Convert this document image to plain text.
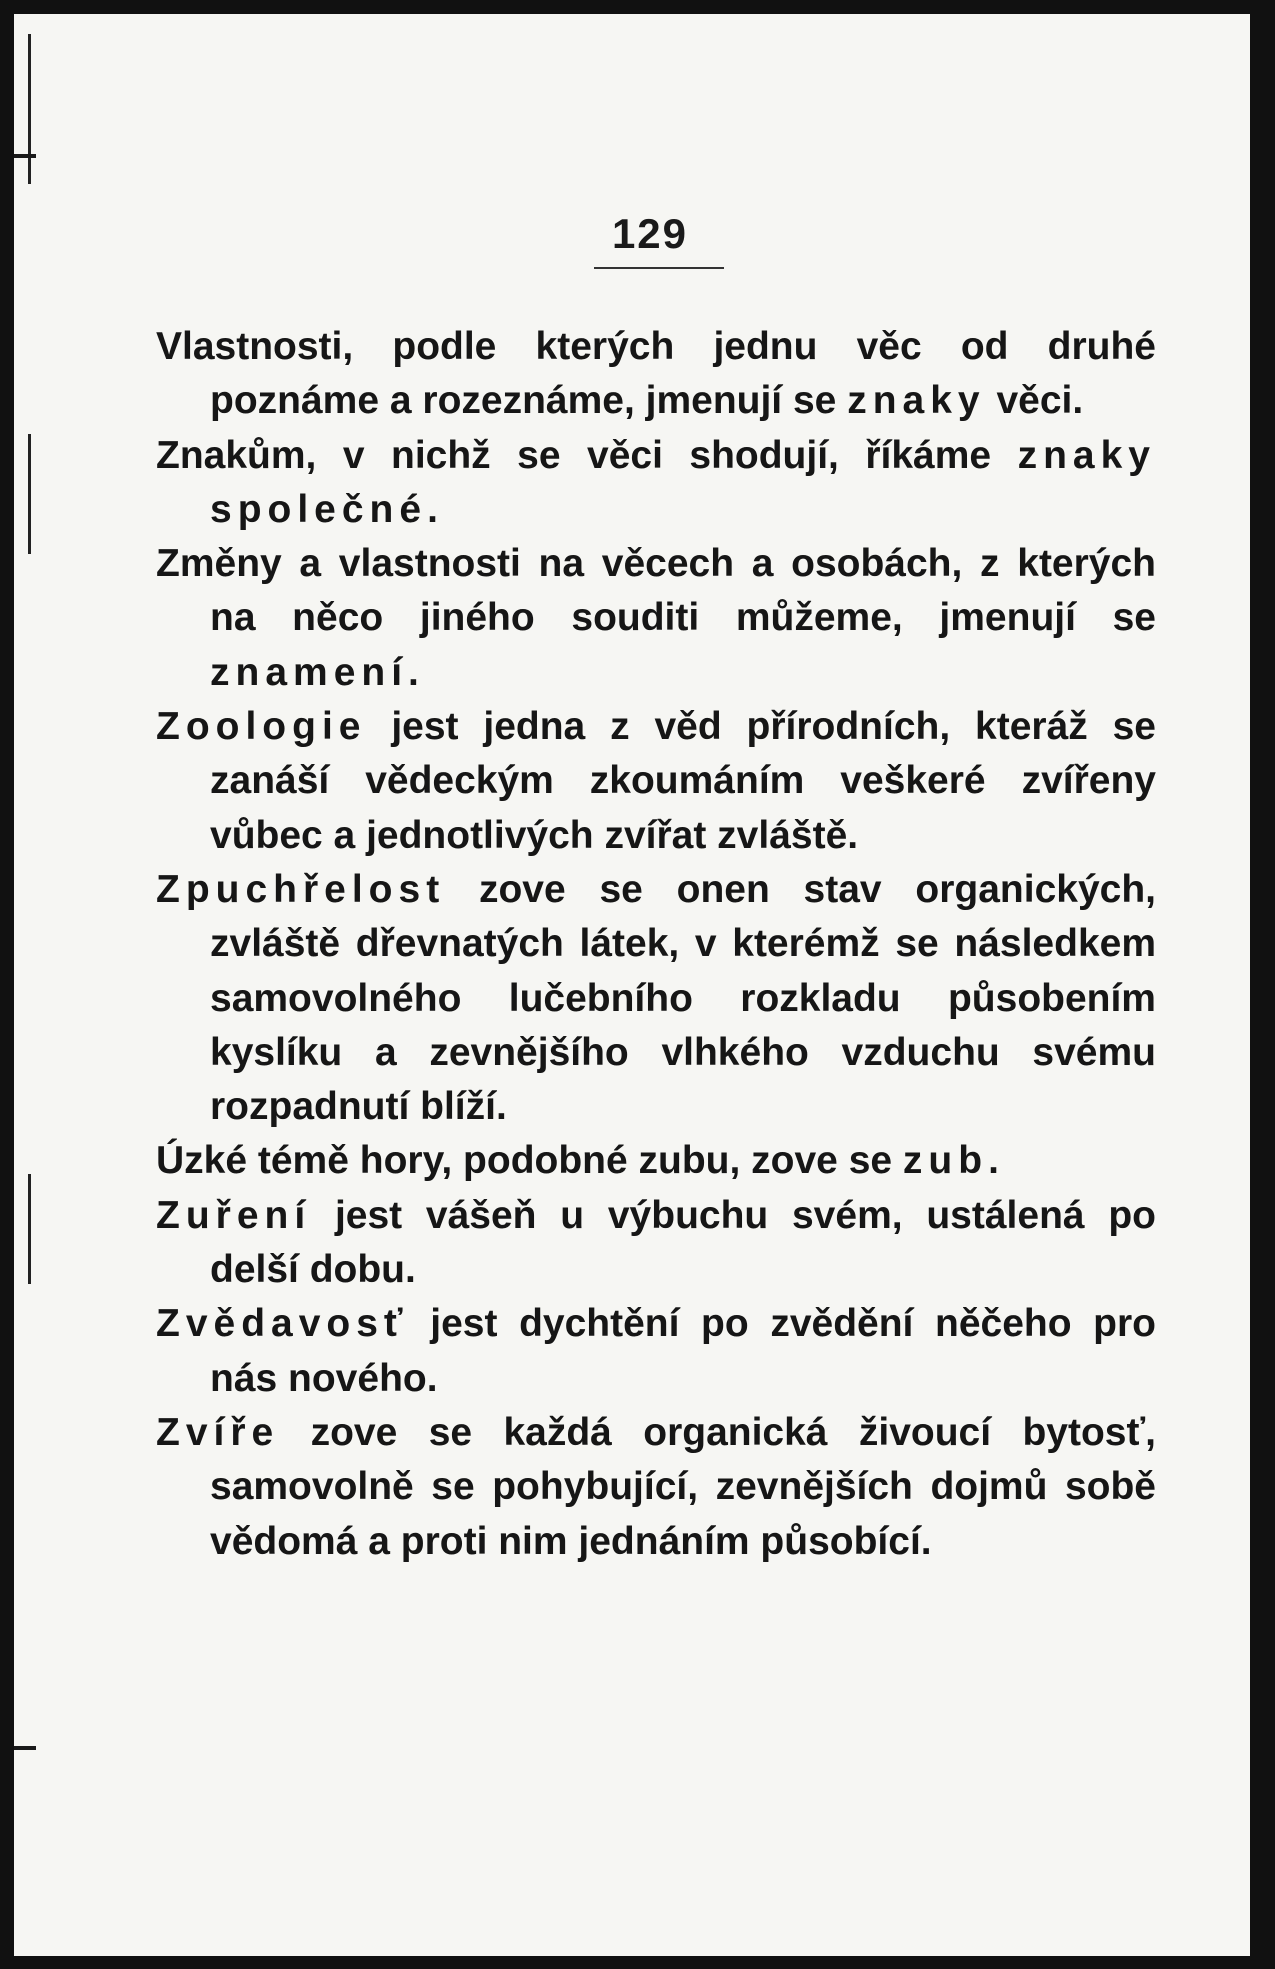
129

Vlastnosti, podle kterých jednu věc od druhé poznáme a rozeznáme, jmenují se znaky věci.

Znakům, v nichž se věci shodují, říkáme znaky společné.

Změny a vlastnosti na věcech a osobách, z kterých na něco jiného souditi můžeme, jmenují se znamení.

Zoologie jest jedna z věd přírodních, kteráž se zanáší vědeckým zkoumáním veškeré zvířeny vůbec a jednotlivých zvířat zvláště.

Zpuchřelost zove se onen stav organických, zvláště dřevnatých látek, v kterémž se následkem samovolného lučebního rozkladu působením kyslíku a zevnějšího vlhkého vzduchu svému rozpadnutí blíží.

Úzké témě hory, podobné zubu, zove se zub.

Zuření jest vášeň u výbuchu svém, ustálená po delší dobu.

Zvědavosť jest dychtění po zvědění něčeho pro nás nového.

Zvíře zove se každá organická živoucí bytosť, samovolně se pohybující, zevnějších dojmů sobě vědomá a proti nim jednáním působící.
